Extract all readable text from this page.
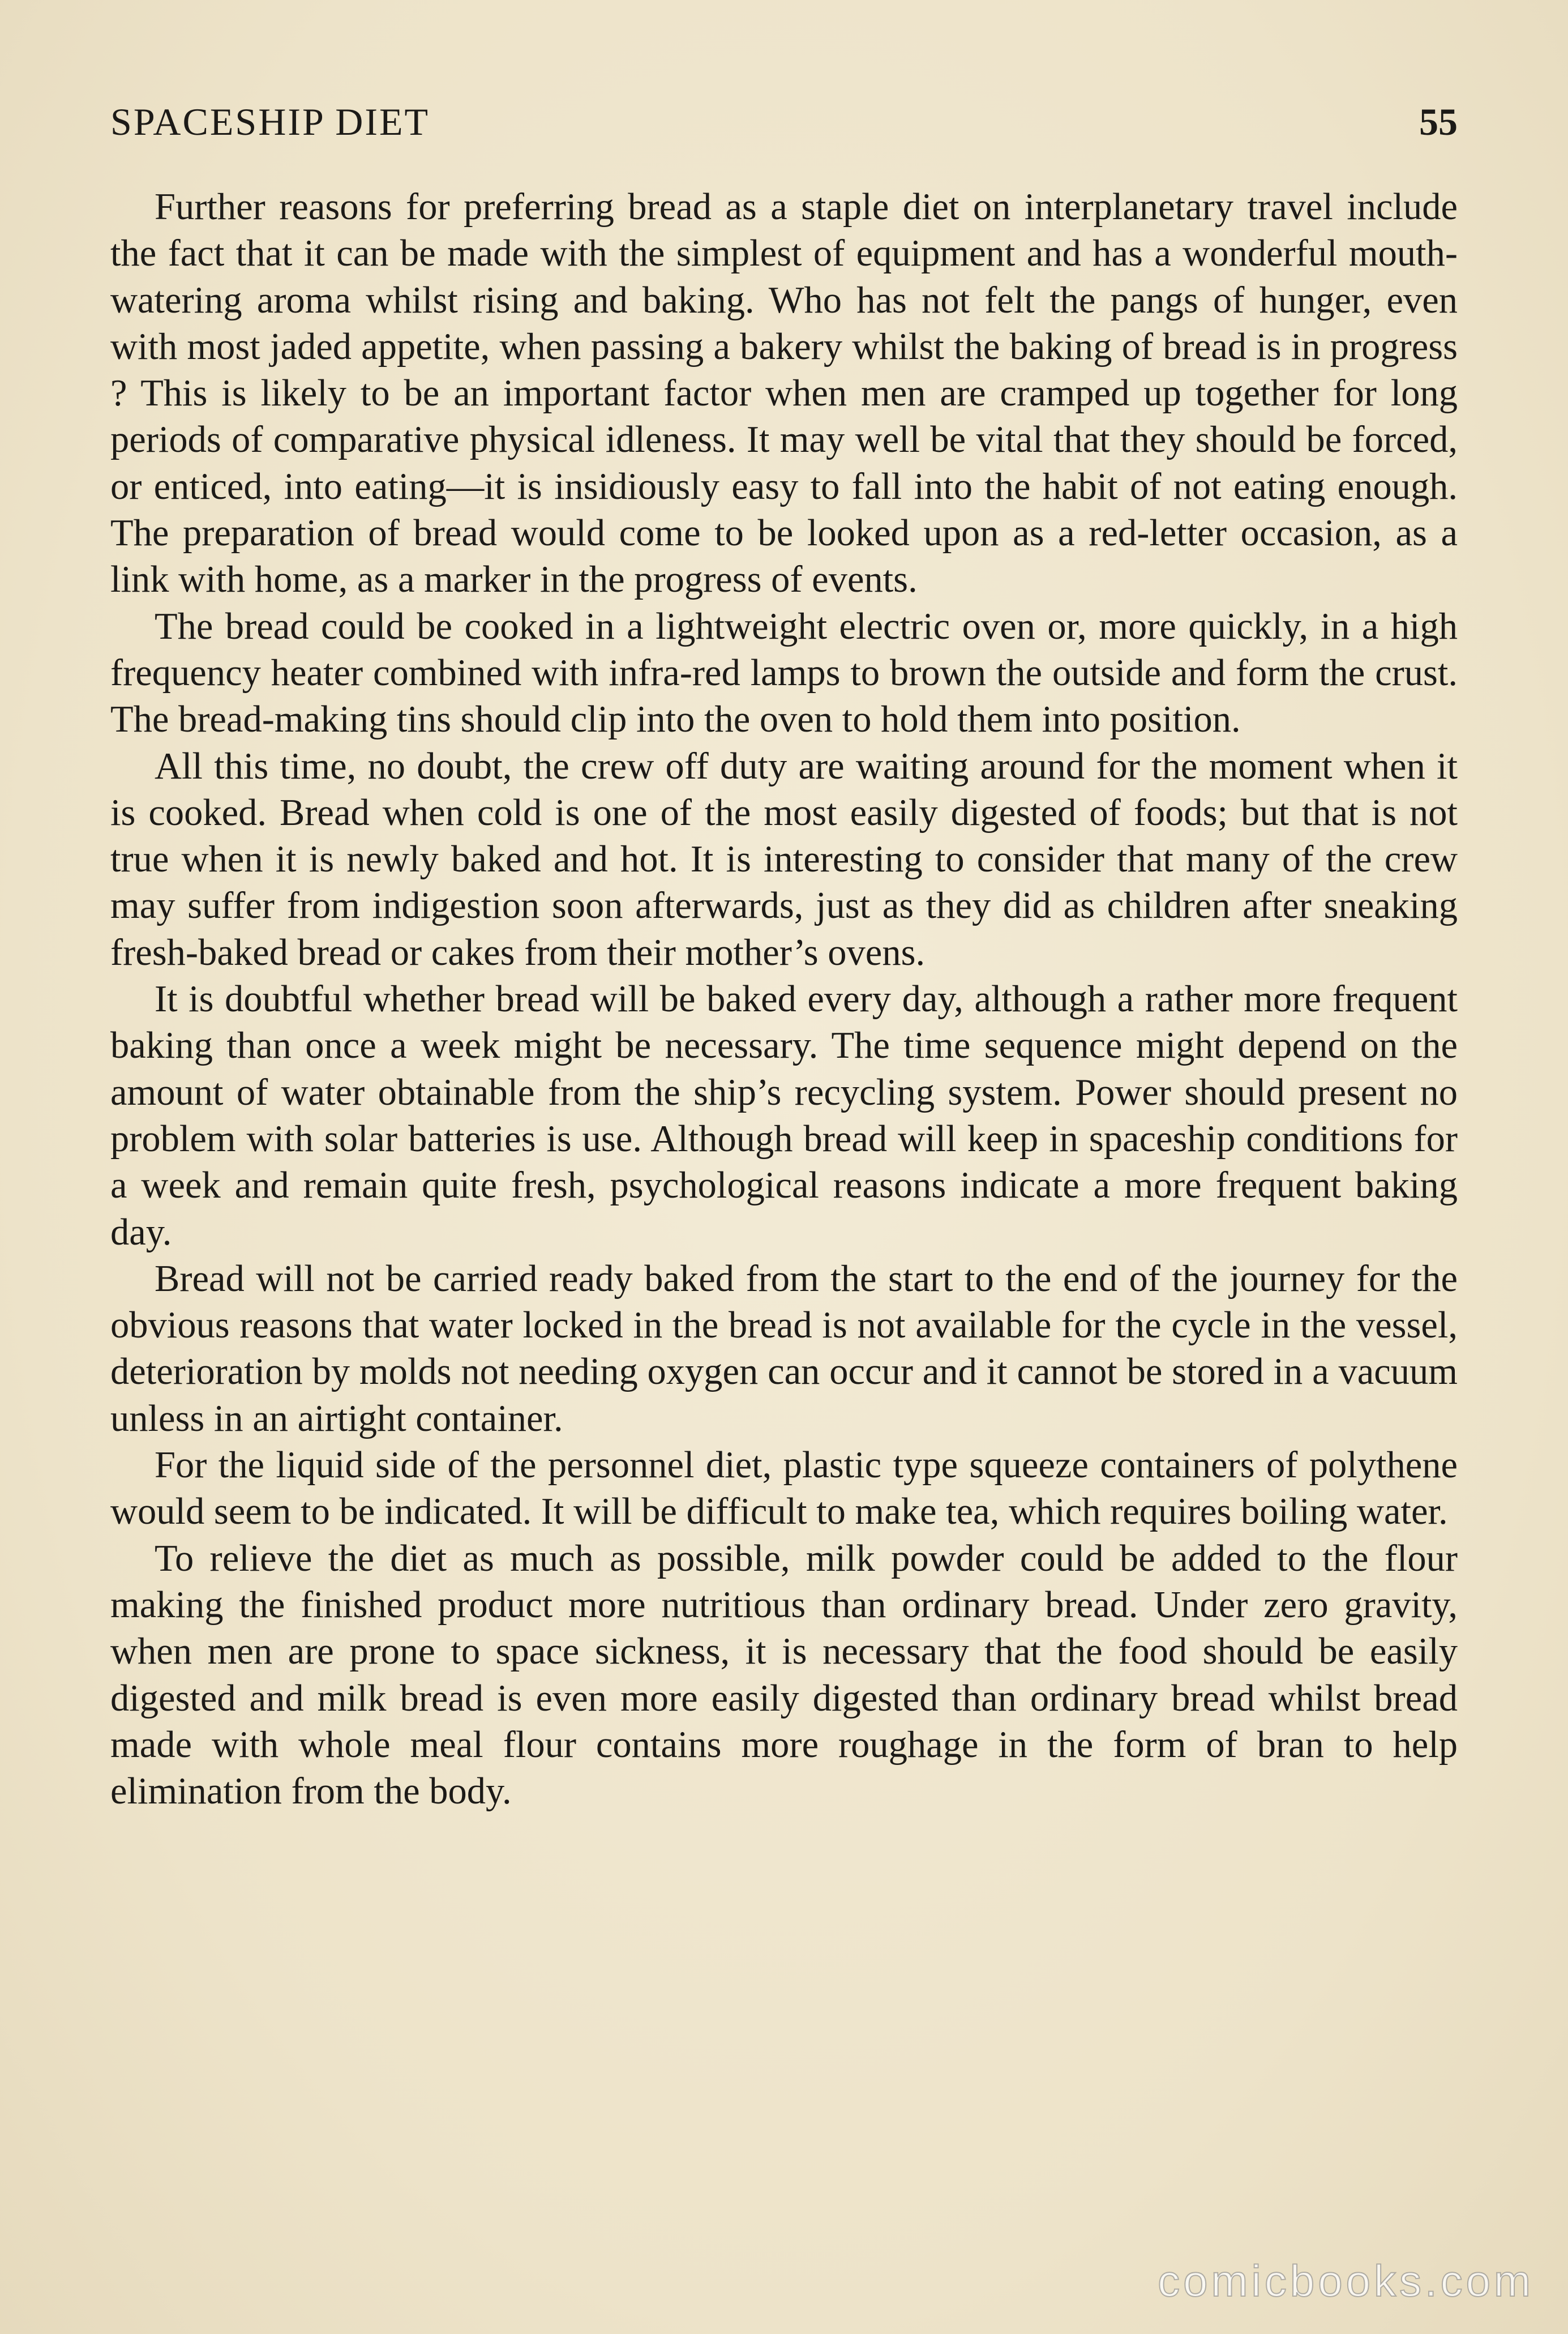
SPACESHIP DIET	55

Further reasons for preferring bread as a staple diet on interplanetary travel include the fact that it can be made with the simplest of equipment and has a wonderful mouth-watering aroma whilst rising and baking. Who has not felt the pangs of hunger, even with most jaded appetite, when passing a bakery whilst the baking of bread is in progress ? This is likely to be an important factor when men are cramped up together for long periods of comparative physical idleness. It may well be vital that they should be forced, or enticed, into eating—it is insidiously easy to fall into the habit of not eating enough. The preparation of bread would come to be looked upon as a red-letter occasion, as a link with home, as a marker in the progress of events.

The bread could be cooked in a lightweight electric oven or, more quickly, in a high frequency heater combined with infra-red lamps to brown the outside and form the crust. The bread-making tins should clip into the oven to hold them into position.

All this time, no doubt, the crew off duty are waiting around for the moment when it is cooked. Bread when cold is one of the most easily digested of foods; but that is not true when it is newly baked and hot. It is interesting to consider that many of the crew may suffer from indigestion soon afterwards, just as they did as children after sneaking fresh-baked bread or cakes from their mother’s ovens.

It is doubtful whether bread will be baked every day, although a rather more frequent baking than once a week might be necessary. The time sequence might depend on the amount of water obtainable from the ship’s recycling system. Power should present no problem with solar batteries is use. Although bread will keep in spaceship conditions for a week and remain quite fresh, psychological reasons indicate a more frequent baking day.

Bread will not be carried ready baked from the start to the end of the journey for the obvious reasons that water locked in the bread is not available for the cycle in the vessel, deterioration by molds not needing oxygen can occur and it cannot be stored in a vacuum unless in an airtight container.

For the liquid side of the personnel diet, plastic type squeeze containers of polythene would seem to be indicated. It will be difficult to make tea, which requires boiling water.

To relieve the diet as much as possible, milk powder could be added to the flour making the finished product more nutritious than ordinary bread. Under zero gravity, when men are prone to space sickness, it is necessary that the food should be easily digested and milk bread is even more easily digested than ordinary bread whilst bread made with whole meal flour contains more roughage in the form of bran to help elimination from the body.

comicbooks.com
